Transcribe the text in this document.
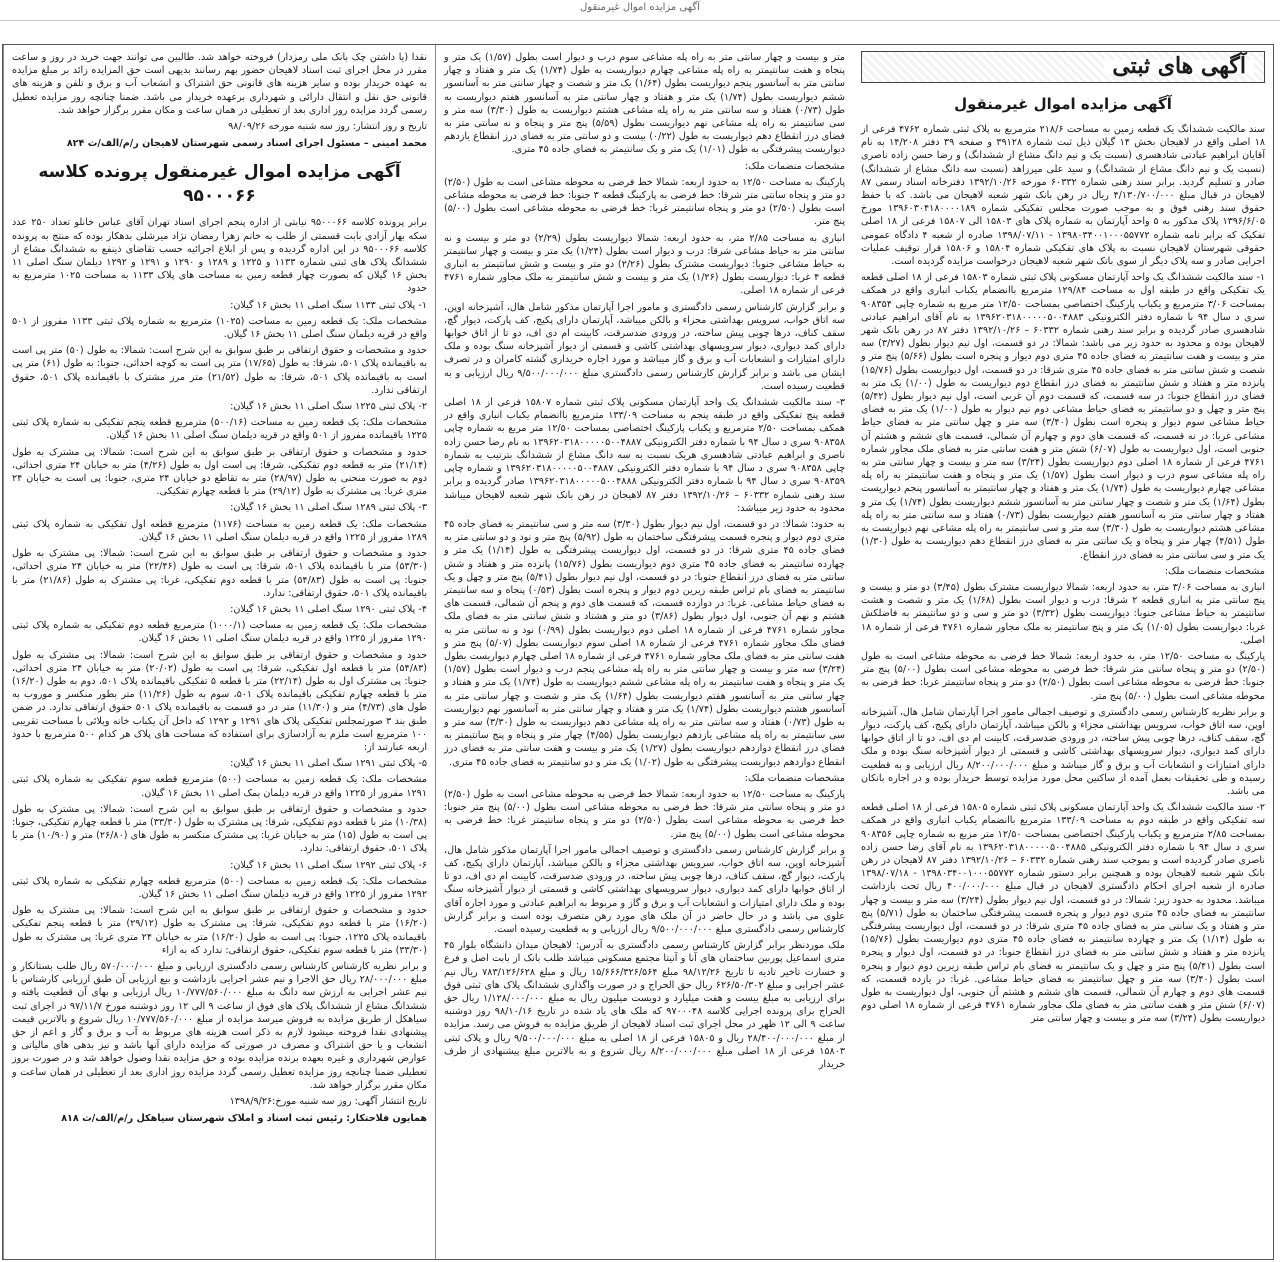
آگهی مزایده اموال غیرمنقول
آگهی های ثبتی
آگهی مزایده اموال غیرمنقول

سند مالکیت ششدانگ یک قطعه زمین به مساحت ۲۱۸/۶ مترمربع به پلاک ثبتی شماره ۴۷۶۲ فرعی از ۱۸ اصلی واقع در لاهیجان بخش ۱۴ گیلان ذیل ثبت شماره ۳۹۱۲۸ و صفحه ۳۹ دفتر ۱۴/۲۰۸ به نام آقایان ابراهیم عبادتی شادهسری (نسبت یک و نیم دانگ مشاع از ششدانگ) و رضا حسن زاده ناصری (نسبت یک و نیم دانگ مشاع از ششدانگ) و سید علی میرزاهد (نسبت سه دانگ مشاع از ششدانگ) صادر و تسلیم گردید. برابر سند رهنی شماره ۶۰۳۳۲ مورخه ۱۳۹۲/۱۰/۲۶ دفترخانه اسناد رسمی ۸۷ لاهیجان در قبال مبلغ ۴/۱۳۰/۷۰۰/۰۰۰ ریال در رهن بانک شهر شعبه لاهیجان می باشد. که با حفظ حقوق سند رهنی فوق و به موجب صورت مجلس تفکیکی شماره ۱۳۹۶۰۳۰۴۱۸۰۰۰۰۱۸۹ مورخ ۱۳۹۶/۶/۰۵ پلاک مذکور به ۵ واحد آپارتمان به شماره پلاک های ۱۵۸۰۳ الی ۱۵۸۰۷ فرعی از ۱۸ اصلی تفکیک که برابر نامه شماره ۱۳۹۸۰۳۴۰۰۱۰۰۰۵۵۷۷۲ - ۱۳۹۸/۰۷/۱۱ صادره از شعبه ۴ دادگاه عمومی حقوقی شهرستان لاهیجان نسبت به پلاک های تفکیکی شماره ۱۵۸۰۴ و ۱۵۸۰۶ قرار توقیف عملیات اجرایی صادر و سه پلاک دیگر از سوی بانک شهر شعبه لاهیجان درخواست مزایده گردیده است.

۱- سند مالکیت ششدانگ یک واحد آپارتمان مسکونی پلاک ثبتی شماره ۱۵۸۰۳ فرعی از ۱۸ اصلی قطعه یک تفکیکی واقع در طبقه اول به مساحت ۱۲۹/۸۴ مترمربع باانضمام یکباب انباری واقع در همکف بمساحت ۳/۰۶ مترمربع و یکباب پارکینگ اختصاصی بمساحت ۱۲/۵۰ متر مربع به شماره چاپی ۹۰۸۳۵۴ سری د سال ۹۴ با شماره دفتر الکترونیکی ۱۳۹۶۲۰۳۱۸۰۰۰۰۰۵۰۰۴۸۸۳ به نام آقای ابراهیم عبادتی شادهسری صادر گردیده و برابر سند رهنی شماره ۶۰۳۳۲ – ۱۳۹۲/۱۰/۲۶ دفتر ۸۷ در رهن بانک شهر لاهیجان بوده و محدود به حدود زیر می باشد: شمالا: در دو قسمت، اول نیم دیوار بطول (۳/۲۷) سه متر و بیست و هفت سانتیمتر به فضای جاده ۴۵ متری دوم دیوار و پنجره است بطول (۵/۶۶) پنج متر و شصت و شش سانتی متر به فضای جاده ۴۵ متری شرقا: در دو قسمت، اول دیواریست بطول (۱۵/۷۶) پانزده متر و هفتاد و شش سانتیمتر به فضای درز انقطاع دوم دیواریست به طول (۱/۰۰) یک متر به فضای درز انقطاع جنوبا: در سه قسمت، که قسمت دوم آن غربی است، اول نیم دیوار بطول (۵/۴۲) پنج متر و چهل و دو سانتیمتر به فضای حیاط مشاعی دوم نیم دیوار به طول (۱/۰۰) یک متر به فضای حیاط مشاعی سوم دیوار و پنجره است بطول (۳/۴۰) سه متر و چهل سانتی متر به فضای حیاط مشاعی غربا: در نه قسمت، که قسمت های دوم و چهارم آن شمالی، قسمت های ششم و هشتم آن جنوبی است، اول دیواریست به طول (۶/۰۷) شش متر و هفت سانتی متر به فضای ملک مجاور شماره ۴۷۶۱ فرعی از شماره ۱۸ اصلی دوم دیواریست بطول (۳/۲۴) سه متر و بیست و چهار سانتی متر به راه پله مشاعی سوم درب و دیوار است بطول (۱/۵۷) یک متر و پنجاه و هفت سانتیمتر به راه پله مشاعی چهارم دیواریست به طول (۱/۷۴) یک متر و هفتاد و چهار سانتیمتر به آسانسور پنجم دیواریست بطول (۱/۶۴) یک متر و شصت و چهار سانتی متر به آسانسور ششم دیواریست بطول (۱/۷۴) یک متر و هفتاد و چهار سانتی متر به آسانسور هفتم دیواریست بطول (۰/۷۳) هفتاد و سه سانتی متر به راه پله مشاعی هشتم دیواریست به طول (۳/۳۰) سه متر و سی سانتیمتر به راه پله مشاعی نهم دیواریست به طول (۴/۵۱) چهار متر و پنجاه و یک سانتی متر به فضای درز انقطاع دهم دیواریست به طول (۱/۳۰) یک متر و سی سانتی متر به فضای درز انقطاع.

مشخصات منضمات ملک:

انباری به مساحت ۳/۰۶ متر، به حدود اربعه: شمالا دیواریست مشترک بطول (۳/۴۵) دو متر و بیست و پنج سانتی متر به انباری قطعه ۲ شرقا: درب و دیوار است بطول (۱/۶۸) یک متر و شصت و هشت سانتیمتر به حیاط مشاعی جنوبا: دیواریست بطول (۳/۳۲) دو متر و سی و دو سانتیمتر به فاضلکش غربا: دیواریست بطول (۱/۰۵) یک متر و پنج سانتیمتر به ملک مجاور شماره ۴۷۶۱ فرعی از شماره ۱۸ اصلی.

پارکینگ به مساحت ۱۲/۵۰ متر، به حدود اربعه: شمالا خط فرضی به محوطه مشاعی است به طول (۲/۵۰) دو متر و پنجاه سانتی متر شرقا: خط فرضی به محوطه مشاعی است بطول (۵/۰۰) پنج متر جنوبا: خط فرضی به محوطه مشاعی است بطول (۲/۵۰) دو متر و پنجاه سانتیمتر غربا: خط فرضی به محوطه مشاعی است بطول (۵/۰۰) پنج متر.

و برابر نظریه کارشناس رسمی دادگستری و توصیف اجمالی مامور اجرا آپارتمان شامل هال، آشپزخانه اوپن، سه اتاق خواب، سرویس بهداشتی مجزاء و بالکن میباشد، آپارتمان دارای پکیج، کف پارکت، دیوار گچ، سقف کناف، درها چوبی پیش ساخته، در ورودی ضدسرقت، کابینت ام دی اف، دو تا از اتاق خوابها دارای کمد دیواری، دیوار سرویسهای بهداشتی کاشی و قسمتی از دیوار آشپزخانه سنگ بوده و ملک دارای امتیازات و انشعابات آب و برق و گاز میباشد و مبلغ ۸/۲۰۰/۰۰۰/۰۰۰ ریال ارزیابی و به قطعیت رسیده و طی تحقیقات بعمل آمده از ساکنین محل مورد مزایده توسط خریدار بوده و در اجاره بانکان می باشد.

۲- سند مالکیت ششدانگ یک واحد آپارتمان مسکونی پلاک ثبتی شماره ۱۵۸۰۵ فرعی از ۱۸ اصلی قطعه سه تفکیکی واقع در طبقه دوم به مساحت ۱۳۳/۰۹ مترمربع باانضمام یکباب انباری واقع در همکف بمساحت ۲/۸۵ مترمربع و یکباب پارکینگ اختصاصی بمساحت ۱۲/۵۰ متر مربع به شماره چاپی ۹۰۸۳۵۶ سری د سال ۹۴ با شماره دفتر الکترونیکی ۱۳۹۶۲۰۳۱۸۰۰۰۰۰۵۰۰۴۸۸۵ به نام آقای رضا حسن زاده ناصری صادر گردیده است و بموجب سند رهنی شماره ۶۰۳۳۲ – ۱۳۹۲/۱۰/۲۶ دفتر ۸۷ لاهیجان در رهن بانک شهر شعبه لاهیجان بوده و همچنین برابر دستور شماره ۱۳۹۸۰۳۴۰۰۱۰۰۰۵۵۷۷۲ - ۱۳۹۸/۰۷/۱۸ صادره از شعبه اجرای احکام دادگستری لاهیجان در قبال مبلغ ۴۰۰/۰۰۰/۰۰۰ ریال تحت بازداشت میباشد. محدود به حدود زیر: شمالا: در دو قسمت، اول نیم دیوار بطول (۳/۲۴) سه متر و بیست و چهار سانتیمتر به فضای جاده ۴۵ متری دوم دیوار و پنجره قسمت پیشرفتگی ساختمان به طول (۵/۷۱) پنج متر و هفتاد و یک سانتی متر به فضای جاده ۴۵ متری شرقا: در دو قسمت، اول دیواریست پیشرفتگی به طول (۱/۱۴) یک متر و چهارده سانتیمتر به فضای جاده ۴۵ متری دوم دیواریست بطول (۱۵/۷۶) پانزده متر و هفتاد و شش سانتی متر به فضای درز انقطاع جنوبا: در دو قسمت، اول دیوار و پنجره است بطول (۵/۴۱) پنج متر و چهل و یک سانتیمتر به فضای بام تراس طبقه زیرین دوم دیوار و پنجره است بطول (۳/۴۰) سه متر و چهل سانتیمتر به فضای حیاط مشاعی. غربا: در یازده قسمت، که قسمت های دوم و چهارم آن شمالی، قسمت های ششم و هشتم آن جنوبی، اول دیواریست به طول (۶/۰۷) شش متر و هفت سانتی متر به فضای ملک مجاور شماره ۴۷۶۱ فرعی از شماره ۱۸ اصلی دوم دیواریست بطول (۳/۲۴) سه متر و بیست و چهار سانتی متر

متر و بیست و چهار سانتی متر به راه پله مشاعی سوم درب و دیوار است بطول (۱/۵۷) یک متر و پنجاه و هفت سانتیمتر به راه پله مشاعی چهارم دیواریست به طول (۱/۷۴) یک متر و هفتاد و چهار سانتی متر به آسانسور پنجم دیواریست بطول (۱/۶۴) یک متر و شصت و چهار سانتی متر به آسانسور ششم دیواریست بطول (۱/۷۴) یک متر و هفتاد و چهار سانتی متر به آسانسور هفتم دیواریست به طول (۰/۷۳) هفتاد و سه سانتی متر به راه پله مشاعی هشتم دیواریست به طول (۳/۳۰) سه متر و سی سانتیمتر به راه پله مشاعی نهم دیواریست بطول (۵/۵۹) پنج متر و پنجاه و نه سانتی متر به فضای درز انقطاع دهم دیواریست به طول (۰/۲۲) بیست و دو سانتی متر به فضای درز انقطاع یازدهم دیواریست پیشرفتگی به طول (۱/۰۱) یک متر و یک سانتیمتر به فضای جاده ۴۵ متری.

مشخصات منضمات ملک:

پارکینگ به مساحت ۱۲/۵۰ به حدود اربعه: شمالا خط فرضی به محوطه مشاعی است به طول (۲/۵۰) دو متر و پنجاه سانتی متر شرقا: خط فرضی به پارکینگ قطعه ۳ جنوبا: خط فرضی به محوطه مشاعی است بطول (۲/۵۰) دو متر و پنجاه سانتیمتر غربا: خط فرضی به محوطه مشاعی است بطول (۵/۰۰) پنج متر.

انباری به مساحت ۲/۸۵ متر، به حدود اربعه: شمالا دیواریست بطول (۲/۲۹) دو متر و بیست و نه سانتی متر به حیاط مشاعی شرقا: درب و دیوار است بطول (۱/۲۴) یک متر و بیست و چهار سانتیمتر به حیاط مشاعی جنوبا: دیواریست مشترک بطول (۲/۲۶) دو متر و بیست و شش سانتیمتر به انباری قطعه ۴ غربا: دیواریست بطول (۱/۲۶) یک متر و بیست و شش سانتیمتر به ملک مجاور شماره ۴۷۶۱ فرعی از شماره ۱۸ اصلی.

و برابر گزارش کارشناس رسمی دادگستری و مامور اجرا آپارتمان مذکور شامل هال، آشپزخانه اوپن، سه اتاق خواب، سرویس بهداشتی مجزاء و بالکن میباشد، آپارتمان دارای پکیج، کف پارکت، دیوار گچ، سقف کناف، درها چوبی پیش ساخته، در ورودی ضدسرقت، کابینت ام دی اف، دو تا از اتاق خوابها دارای کمد دیواری، دیوار سرویسهای بهداشتی کاشی و قسمتی از دیوار آشپزخانه سنگ بوده و ملک دارای امتیازات و انشعابات آب و برق و گاز میباشد و مورد اجاره خریداری گشته کامران و در تصرف ایشان می باشد و برابر گزارش کارشناس رسمی دادگستری مبلغ ۹/۵۰۰/۰۰۰/۰۰۰ ریال ارزیابی و به قطعیت رسیده است.

۳- سند مالکیت ششدانگ یک واحد آپارتمان مسکونی پلاک ثبتی شماره ۱۵۸۰۷ فرعی از ۱۸ اصلی قطعه پنج تفکیکی واقع در طبقه پنجم به مساحت ۱۳۳/۰۹ مترمربع باانضمام یکباب انباری واقع در همکف بمساحت ۲/۵۰ مترمربع و یکباب پارکینگ اختصاصی بمساحت ۱۲/۵۰ متر مربع به شماره چاپی ۹۰۸۳۵۸ سری د سال ۹۴ با شماره دفتر الکترونیکی ۱۳۹۶۲۰۳۱۸۰۰۰۰۰۵۰۰۴۸۸۷ به نام رضا حسن زاده ناصری و ابراهیم عبادتی شادهسری هریک نسبت به سه دانگ مشاع از ششدانگ بترتیب به شماره چاپی ۹۰۸۳۵۸ سری د سال ۹۴ با شماره دفتر الکترونیکی ۱۳۹۶۲۰۳۱۸۰۰۰۰۰۵۰۰۴۸۸۷ و شماره چاپی ۹۰۸۳۵۹ سری د سال ۹۴ با شماره دفتر الکترونیکی ۱۳۹۶۲۰۳۱۸۰۰۰۰۰۵۰۰۴۸۸۸ صادر گردیده و برابر سند رهنی شماره ۶۰۳۳۲ – ۱۳۹۲/۱۰/۲۶ دفتر ۸۷ لاهیجان در رهن بانک شهر شعبه لاهیجان میباشد محدود به حدود زیر میباشد:

به حدود: شمالا: در دو قسمت، اول نیم دیوار بطول (۳/۳۰) سه متر و سی سانتیمتر به فضای جاده ۴۵ متری دوم دیوار و پنجره قسمت پیشرفتگی ساختمان به طول (۵/۹۲) پنج متر و نود و دو سانتی متر به فضای جاده ۴۵ متری شرقا: در دو قسمت، اول دیواریست پیشرفتگی به طول (۱/۱۴) یک متر و چهارده سانتیمتر به فضای جاده ۴۵ متری دوم دیواریست بطول (۱۵/۷۶) پانزده متر و هفتاد و شش سانتی متر به فضای درز انقطاع جنوبا: در دو قسمت، اول نیم دیوار بطول (۵/۴۱) پنج متر و چهل و یک سانتیمتر به فضای بام تراس طبقه زیرین دوم دیوار و پنجره است بطول (۰/۵۳) پنجاه و سه سانتیمتر به فضای حیاط مشاعی. غربا: در دوازده قسمت، که قسمت های دوم و پنجم آن شمالی، قسمت های هشتم و نهم آن جنوبی، اول دیوار بطول (۳/۸۶) دو متر و هشتاد و شش سانتی متر به فضای ملک مجاور شماره ۴۷۶۱ فرعی از شماره ۱۸ اصلی دوم دیواریست بطول (۰/۹۹) نود و نه سانتی متر به فضای ملک مجاور شماره ۴۷۶۱ فرعی از شماره ۱۸ اصلی سوم دیواریست بطول (۵/۰۷) پنج متر و هفت سانتی متر به فضای ملک مجاور شماره ۴۷۶۱ فرعی از شماره ۱۸ اصلی چهارم دیواریست بطول (۳/۲۴) سه متر و بیست و چهار سانتی متر به راه پله مشاعی پنجم درب و دیوار است بطول (۱/۵۷) یک متر و پنجاه و هفت سانتیمتر به راه پله مشاعی ششم دیواریست به طول (۱/۷۴) یک متر و هفتاد و چهار سانتی متر به آسانسور هفتم دیواریست بطول (۱/۶۴) یک متر و شصت و چهار سانتی متر به آسانسور هشتم دیواریست بطول (۱/۷۴) یک متر و هفتاد و چهار سانتی متر به آسانسور نهم دیواریست به طول (۰/۷۳) هفتاد و سه سانتی متر به راه پله مشاعی دهم دیواریست به طول (۳/۳۰) سه متر و سی سانتیمتر به راه پله مشاعی یازدهم دیواریست بطول (۴/۵۵) چهار متر و پنجاه و پنج سانتیمتر به فضای درز انقطاع دوازدهم دیواریست بطول (۱/۲۷) یک متر و بیست و هفت سانتی متر به فضای درز انقطاع دوازدهم دیواریست پیشرفتگی به طول (۱/۰۲) یک متر و دو سانتیمتر به فضای جاده ۴۵ متری.

مشخصات منضمات ملک:

پارکینگ به مساحت ۱۲/۵۰ به حدود اربعه: شمالا خط فرضی به محوطه مشاعی است به طول (۲/۵۰) دو متر و پنجاه سانتی متر شرقا: خط فرضی به محوطه مشاعی است بطول (۵/۰۰) پنج متر جنوبا: خط فرضی به محوطه مشاعی است بطول (۲/۵۰) دو متر و پنجاه سانتیمتر غربا: خط فرضی به محوطه مشاعی است بطول (۵/۰۰) پنج متر.

و برابر گزارش کارشناس رسمی دادگستری و توصیف اجمالی مامور اجرا آپارتمان مذکور شامل هال، آشپزخانه اوپن، سه اتاق خواب، سرویس بهداشتی مجزاء و بالکن میباشد، آپارتمان دارای پکیج، کف پارکت، دیوار گچ، سقف کناف، درها چوبی پیش ساخته، در ورودی ضدسرقت، کابینت ام دی اف، دو تا از اتاق خوابها دارای کمد دیواری، دیوار سرویسهای بهداشتی کاشی و قسمتی از دیوار آشپزخانه سنگ بوده و ملک دارای امتیازات و انشعابات آب و برق و گاز و مربوط به ابراهیم عبادتی و مورد اجاره آقای علوی می باشد و در حال حاضر در آن ملک های مورد رهن متصرف بوده است و برابر گزارش کارشناس رسمی دادگستری مبلغ ۹/۵۰۰/۰۰۰/۰۰۰ ریال ارزیابی و به قطعیت رسیده است.

ملک موردنظر برابر گزارش کارشناس رسمی دادگستری به آدرس: لاهیجان میدان دانشگاه بلوار ۴۵ متری اسماعیل پوربین ساختمان های آنا و آنیتا مجتمع مسکونی میباشد طلب بانک از بابت اصل و فرع و خسارت تاخیر تادیه تا تاریخ ۹۸/۱۲/۲۶ مبلغ ۱۵/۶۶۶/۳۲۶/۵۶۴ ریال و مبلغ ۷۸۳/۱۲۶/۶۲۸ ریال نیم عشر اجرایی و مبلغ ۶۲۶/۵۰/۳۰۲ ریال حق الحراج و در صورت واگذاری ششدانگ پلاک های ثبتی فوق برای ارزیابی به مبلغ بیست و هفت میلیارد و دویست میلیون ریال به مبلغ ۱/۱۲۸/۰۰۰/۰۰۰ ریال حق الحراج برای پرونده اجرایی کلاسه ۹۷۰۰۰۴۸ که ملک های یاد شده در تاریخ ۹۸/۱۰/۱۶ روز دوشنبه ساعت ۹ الی ۱۲ ظهر در محل اجرای ثبت اسناد لاهیجان از طریق مزایده به فروش می رسد. مزایده از مبلغ ۲۸/۴۰۰/۰۰۰/۰۰۰ ریال و ۱۵۸۰۵ فرعی از ۱۸ اصلی به مبلغ ۹/۵۰۰/۰۰۰/۰۰۰ ریال و پلاک ثبتی ۱۵۸۰۳ فرعی از ۱۸ اصلی مبلغ ۸/۲۰۰/۰۰۰/۰۰۰ ریال شروع و به بالاترین مبلغ پیشنهادی از طرف خریدار

نقدا (یا داشتن چک بانک ملی رمزدار) فروخته خواهد شد. طالبین می توانند جهت خرید در روز و ساعت مقرر در محل اجرای ثبت اسناد لاهیجان حضور بهم رسانند بدیهی است حق المزایده زائد بر مبلغ مزایده به عهده خریدار بوده و سایر هزینه های قانونی حق اشتراک و انشعاب آب و برق و تلفن و هزینه های قانونی حق نقل و انتقال دارائی و شهرداری برعهده خریدار می باشد. ضمنا چنانچه روز مزایده تعطیل رسمی گردد مزایده روز اداری بعد از تعطیلی در همان ساعت و مکان مقرر برگزار خواهد شد.

تاریخ و روز انتشار: روز سه شنبه مورخه ۹۸/۰۹/۲۶

محمد امینی – مسئول اجرای اسناد رسمی شهرستان لاهیجان ر/م/الف/ث ۸۲۴

آگهی مزایده اموال غیرمنقول پرونده کلاسه ۹۵۰۰۰۶۶

برابر پرونده کلاسه ۹۵۰۰۰۶۶ نیابتی از اداره پنجم اجرای اسناد تهران آقای عباس خانلو تعداد ۲۵۰ عدد سکه بهار آزادی بابت قسمتی از طلب به خانم زهرا رمضان نژاد میرشلی بدهکار بوده که منتج به پرونده کلاسه ۹۵۰۰۰۶۶ در این اداره گردیده و پس از ابلاغ اجرائیه حسب تقاضای ذینفع به ششدانگ مشاع از ششدانگ پلاک های ثبتی شماره ۱۱۳۳ و ۱۲۲۵ و ۱۲۸۹ و ۱۲۹۰ و ۱۲۹۱ و ۱۲۹۲ دیلمان سنگ اصلی ۱۱ بخش ۱۶ گیلان که بصورت چهار قطعه زمین به مساحت های پلاک ۱۱۳۳ به مساحت ۱۰۲۵ مترمربع به حدود

۱- پلاک ثبتی ۱۱۳۳ سنگ اصلی ۱۱ بخش ۱۶ گیلان:

مشخصات ملک: یک قطعه زمین به مساحت (۱۰۲۵) مترمربع به شماره پلاک ثبتی ۱۱۳۳ مفروز از ۵۰۱ واقع در قریه دیلمان سنگ اصلی ۱۱ بخش ۱۶ گیلان.

حدود و مشخصات و حقوق ارتفاقی بر طبق سوابق به این شرح است: شمالا: به طول (۵۰) متر پی است به باقیمانده پلاک ۵۰۱، شرقا: به طول (۱۷/۶۵) متر پی است به کوچه احداثی، جنوبا: به طول (۶۱) متر پی است به باقیمانده پلاک ۵۰۱، شرقا: به طول (۲۱/۵۲) متر مرز مشترک با باقیمانده پلاک ۵۰۱، حقوق ارتفاقی ندارد.

۲- پلاک ثبتی ۱۲۲۵ سنگ اصلی ۱۱ بخش ۱۶ گیلان:

مشخصات ملک: یک قطعه زمین به مساحت (۵۰۰/۱۶) مترمربع قطعه پنجم تفکیکی به شماره پلاک ثبتی ۱۲۲۵ باقیمانده مفروز از ۵۰۱ واقع در قریه دیلمان سنگ اصلی ۱۱ بخش ۱۶ گیلان.

حدود و مشخصات و حقوق ارتفاقی بر طبق سوابق به این شرح است: شمالا: پی مشترک به طول (۲۱/۱۴) متر به قطعه دوم تفکیکی، شرقا: پی است اول به طول (۴/۲۶) متر به خیابان ۲۴ متری احداثی، دوم به صورت منحنی به طول (۲۸/۹۷) متر به تقاطع دو خیابان ۲۴ متری، جنوبا: پی است به خیابان ۲۴ متری غربا: پی مشترک به طول (۲۹/۱۲) متر با قطعه چهارم تفکیکی.

۳- پلاک ثبتی ۱۲۸۹ سنگ اصلی ۱۱ بخش ۱۶ گیلان:

مشخصات ملک: یک قطعه زمین به مساحت (۱۱۷۶) مترمربع قطعه اول تفکیکی به شماره پلاک ثبتی ۱۲۸۹ مفروز از ۱۲۲۵ واقع در قریه دیلمان سنگ اصلی ۱۱ بخش ۱۶ گیلان.

حدود و مشخصات و حقوق ارتفاقی بر طبق سوابق به این شرح است: شمالا: پی مشترک به طول (۵۳/۳۰) متر با باقیمانده پلاک ۵۰۱، شرقا: پی است به طول (۲۲/۴۶) متر به خیابان ۲۴ متری احداثی، جنوبا: پی است به طول (۵۴/۸۳) متر با قطعه دوم تفکیکی، غربا: پی مشترک به طول (۲۱/۸۶) متر با باقیمانده پلاک ۵۰۱، حقوق ارتفاقی: ندارد.

۴- پلاک ثبتی ۱۲۹۰ سنگ اصلی ۱۱ بخش ۱۶ گیلان:

مشخصات ملک: یک قطعه زمین به مساحت (۱۰۰۰/۱) مترمربع قطعه دوم تفکیکی به شماره پلاک ثبتی ۱۲۹۰ مفروز از ۱۲۲۵ واقع در قریه دیلمان سنگ اصلی ۱۱ بخش ۱۶ گیلان.

حدود و مشخصات و حقوق ارتفاقی بر طبق سوابق به این شرح است: شمالا: پی مشترک به طول (۵۴/۸۳) متر با قطعه اول تفکیکی، شرقا: پی است به طول (۲۰/۰۲) متر به خیابان ۲۴ متری احداثی، جنوبا: پی مشترک اول به طول (۲۲/۱۴) متر با قطعه ۵ تفکیکی باقیمانده پلاک ۵۰۱، دوم به طول (۱۶/۲۰) متر با قطعه چهارم تفکیکی باقیمانده پلاک ۵۰۱، سوم به طول (۱۱/۲۶) متر بطور منکسر و موروب به طول های (۴/۷۳) متر و (۱۱/۳۰) متر در دو قسمت به باقیمانده پلاک ۵۰۱ حقوق ارتفاقی ندارد. در ضمن طبق بند ۳ صورتمجلس تفکیکی پلاک های ۱۲۹۱ و ۱۲۹۲ که داخل آن یکباب خانه ویلائی با مساحت تقریبی ۱۰۰ مترمربع است ملزم به آزادسازی برای استفاده که مساحت های پلاک هر کدام ۵۰۰ مترمربع با حدود اربعه عبارتند از:

۵- پلاک ثبتی ۱۲۹۱ سنگ اصلی ۱۱ بخش ۱۶ گیلان:

مشخصات ملک: یک قطعه زمین به مساحت (۵۰۰) مترمربع قطعه سوم تفکیکی به شماره پلاک ثبتی ۱۲۹۱ مفروز از ۱۲۲۵ واقع در قریه دیلمان بمک اصلی ۱۱ بخش ۱۶ گیلان.

حدود و مشخصات و حقوق ارتفاقی بر طبق سوابق به این شرح است: شمالا: پی مشترک به طول (۱۰/۳۸) متر با قطعه دوم تفکیکی، شرقا: پی مشترک به طول (۳۳/۳۰) متر با قطعه چهارم تفکیکی، جنوبا: پی است به طول (۱۵) متر به خیابان غربا: پی مشترک منکسر به طول های (۲۶/۸۰) متر و (۱۰/۹۰) متر با پلاک ۵۰۱، حقوق ارتفاقی: ندارد.

۶- پلاک ثبتی ۱۲۹۲ سنگ اصلی ۱۱ بخش ۱۶ گیلان:

مشخصات ملک: یک قطعه زمین به مساحت (۵۰۰) مترمربع قطعه چهارم تفکیکی به شماره پلاک ثبتی ۱۲۹۲ مفروز از ۱۲۲۵ واقع در قریه دیلمان سنگ اصلی ۱۱ بخش ۱۶ گیلان.

حدود و مشخصات و حقوق ارتفاقی بر طبق سوابق به این شرح است: شمالا: پی مشترک به طول (۱۶/۲۰) متر با قطعه دوم تفکیکی، شرقا: پی مشترک به طول (۲۹/۱۲) متر با قطعه پنجم تفکیکی باقیمانده پلاک ۱۲۲۵، جنوبا: پی است به طول (۱۶/۲۰) متر به خیابان ۲۴ متری غربا: پی مشترک به طول (۳۳/۳۰) متر با قطعه سوم تفکیکی، حقوق ارتفاقی: ندارد که به ازاء

و برابر نظریه کارشناس کارشناس رسمی دادگستری ارزیابی و مبلغ ۵۷۰/۰۰۰/۰۰۰ ریال طلب بستانکار و مبلغ ۲۸/۰۰۰/۰۰۰ ریال حق الاجرا و نیم عشر اجرایی بازداشت و بیع ارزیابی آن طبق ارزیابی کارشناس با نیم عشر اجرایی به ارزش سه دانگ به مبلغ ۱۰/۷۷۷/۵۶۰/۰۰۰ ریال ارزیابی و بهای آن قطعیت یافته و ششدانگ مشاع از ششدانگ پلاک های فوق از ساعت ۹ الی ۱۲ روز دوشنبه مورخ ۹۷/۱۱/۷ در اجرای ثبت سیاهکل از طریق مزایده به فروش میرسد مزایده از مبلغ ۱۰/۷۷۷/۵۶۰/۰۰۰ ریال شروع و بالاترین قیمت پیشنهادی نقدا فروخته میشود لازم به ذکر است هزینه های مربوط به آب و برق و گاز و اعم از حق انشعاب و یا حق اشتراک و مصرف در صورتی که مزایده دارای آنها باشد و نیز بدهی های مالیاتی و عوارض شهرداری و غیره بعهده برنده مزایده بوده و حق مزایده نقدا وصول خواهد شد و در صورت بروز تعطیلی ضمنا چنانچه روز مزایده تعطیل رسمی گردد مزایده روز اداری بعد از تعطیلی در همان ساعت و مکان مقرر برگزار خواهد شد.

تاریخ انتشار آگهی: روز سه شنبه مورخ:۱۳۹۸/۹/۲۶

همایون فلاحتکار: رئیس ثبت اسناد و املاک شهرستان سیاهکل ر/م/الف/ث ۸۱۸
